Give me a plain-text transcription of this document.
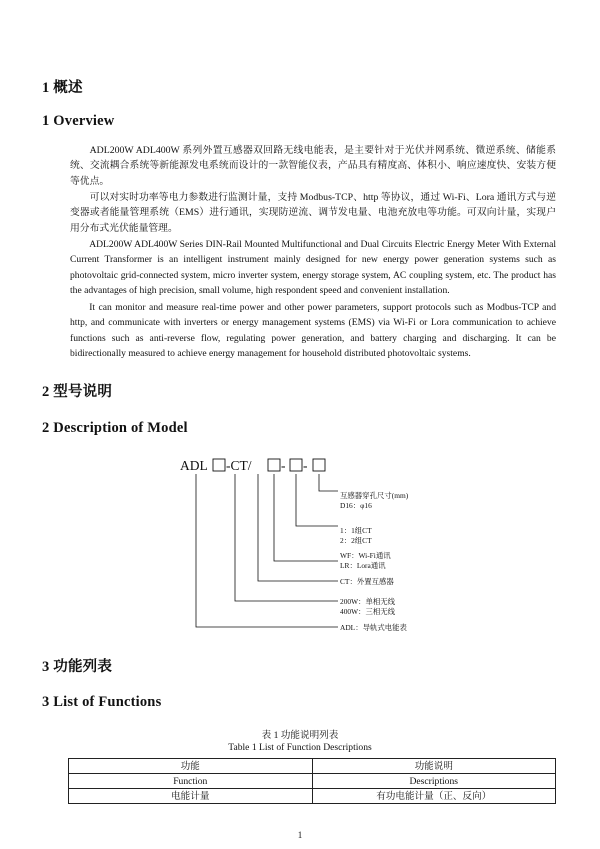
1 概述
1 Overview

ADL200W ADL400W 系列外置互感器双回路无线电能表，是主要针对于光伏并网系统、微逆系统、储能系统、交流耦合系统等新能源发电系统而设计的一款智能仪表，产品具有精度高、体积小、响应速度快、安装方便等优点。

可以对实时功率等电力参数进行监测计量，支持 Modbus-TCP、http 等协议，通过 Wi-Fi、Lora 通讯方式与逆变器或者能量管理系统（EMS）进行通讯，实现防逆流、调节发电量、电池充放电等功能。可双向计量，实现户用分布式光伏能量管理。

ADL200W ADL400W Series DIN-Rail Mounted Multifunctional and Dual Circuits Electric Energy Meter With External Current Transformer is an intelligent instrument mainly designed for new energy power generation systems such as photovoltaic grid-connected system, micro inverter system, energy storage system, AC coupling system, etc. The product has the advantages of high precision, small volume, high respondent speed and convenient installation.

It can monitor and measure real-time power and other power parameters, support protocols such as Modbus-TCP and http, and communicate with inverters or energy management systems (EMS) via Wi-Fi or Lora communication to achieve functions such as anti-reverse flow, regulating power generation, and battery charging and discharging. It can be bidirectionally measured to achieve energy management for household distributed photovoltaic systems.

2 型号说明
2 Description of Model
ADL -CT/ - -
互感器穿孔尺寸(mm)
D16：φ16
1：1组CT
2：2组CT
WF：Wi-Fi通讯
LR：Lora通讯
CT：外置互感器
200W：单相无线
400W：三相无线
ADL：导轨式电能表
3 功能列表
3 List of Functions
表 1 功能说明列表
Table 1 List of Function Descriptions
功能	功能说明
Function	Descriptions
电能计量	有功电能计量（正、反向）
1
